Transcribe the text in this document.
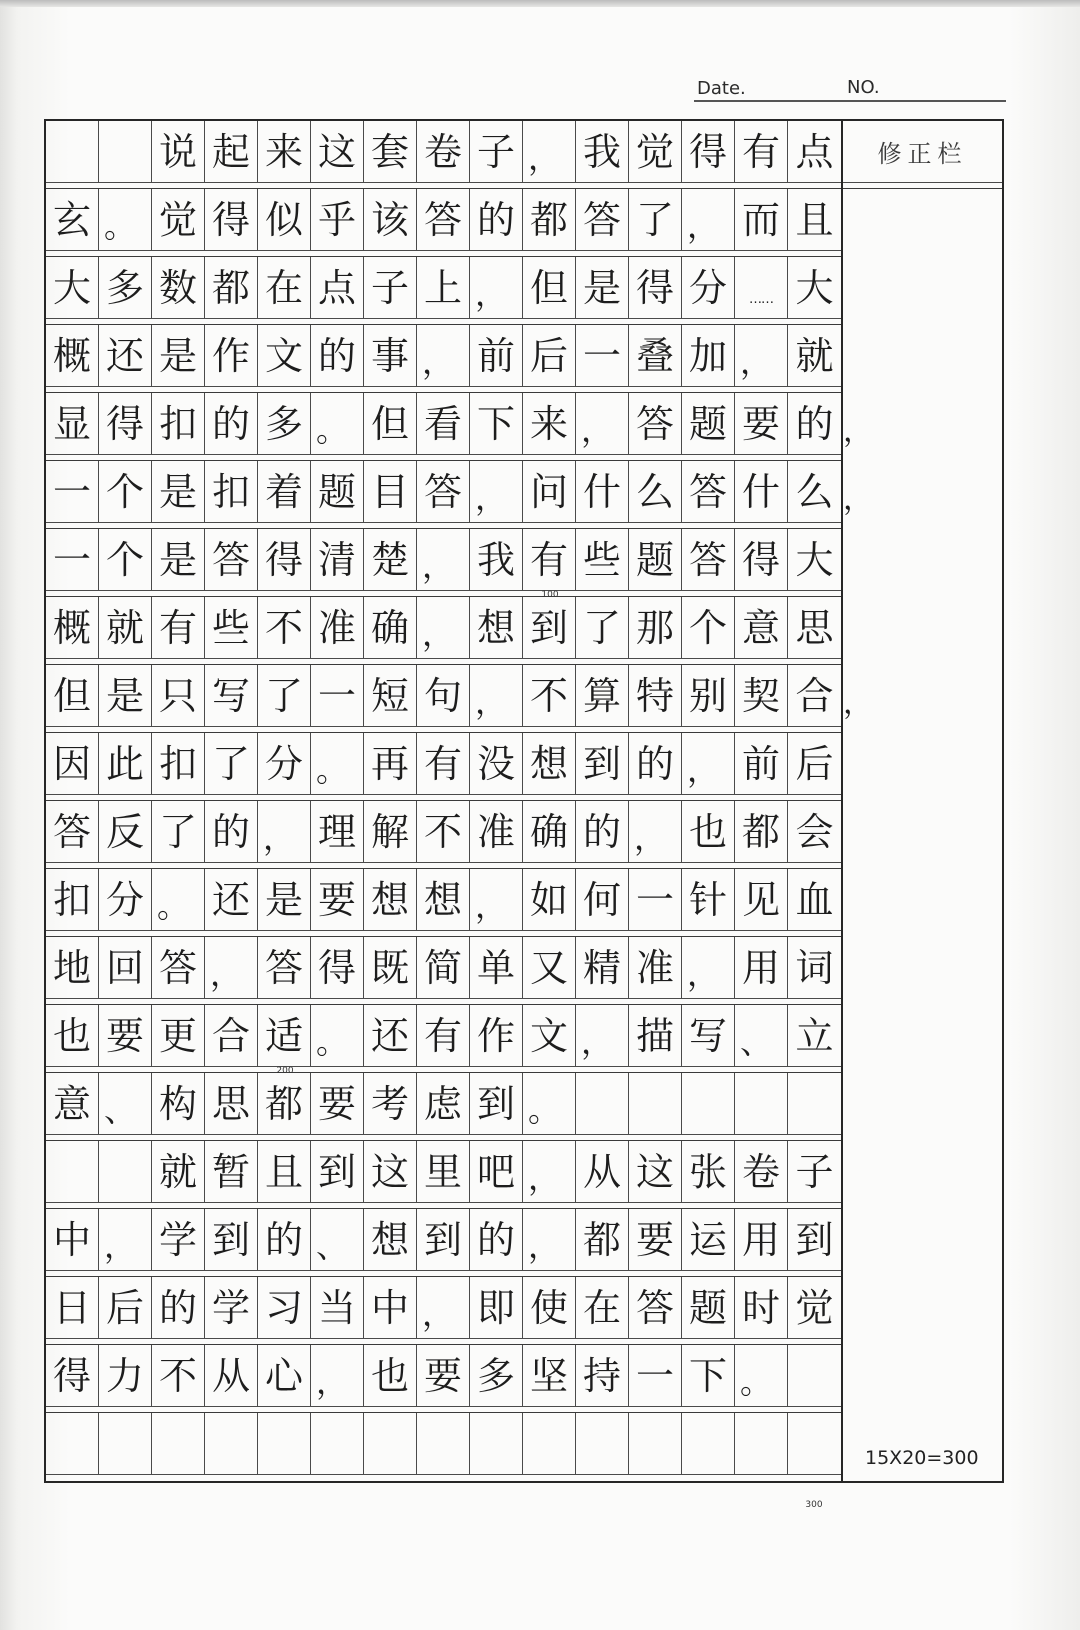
Date.	NO.
说 起 来 这 套 卷 子 ， 我 觉 得 有 点
玄 。 觉 得 似 乎 该 答 的 都 答 了 ， 而 且
大 多 数 都 在 点 子 上 ， 但 是 得 分	…… 大
概 还 是 作 文 的 事 ， 前 后 一 叠 加 ， 就
显 得 扣 的 多 。 但 看 下 来 ， 答 题 要 的 ，
一 个 是 扣 着 题 目 答 ， 问 什 么 答 什 么 ，
一 个 是 答 得 清 楚 ， 我 有 些 题 答 得 大
概 就 有 些 不 准 确 ， 想 到 了 那 个 意 思
但 是 只 写 了 一 短 句 ， 不 算 特 别 契 合 ，
因 此 扣 了 分 。 再 有 没 想 到 的 ， 前 后
答 反 了 的 ， 理 解 不 准 确 的 ， 也 都 会
扣 分 。 还 是 要 想 想 ， 如 何 一 针 见 血
地 回 答 ， 答 得 既 简 单 又 精 准 ， 用 词
也 要 更 合 适 。 还 有 作 文 ， 描 写 、 立
意 、 构 思 都 要 考 虑 到 。
就 暂 且 到 这 里 吧 ， 从 这 张 卷 子
中 ， 学 到 的 、 想 到 的 ， 都 要 运 用 到
日 后 的 学 习 当 中 ， 即 使 在 答 题 时 觉
得 力 不 从 心 ， 也 要 多 坚 持 一 下 。
100
200
300
修正栏
15X20=300
